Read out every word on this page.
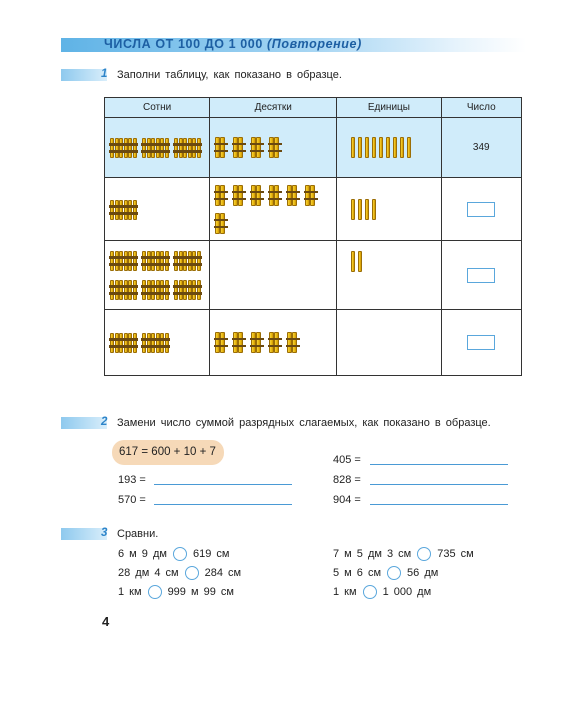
ЧИСЛА ОТ 100 ДО 1 000 (Повторение)
1 Заполни таблицу, как показано в образце.
Сотни	Десятки	Единицы	Число

			349

2 Замени число суммой разрядных слагаемых, как показано в образце.
617 = 600 + 10 + 7
193 =
570 =
405 =
828 =
904 =
3 Сравни.
6 м 9 дм 619 см
28 дм 4 см 284 см
1 км 999 м 99 см
7 м 5 дм 3 см 735 см
5 м 6 см 56 дм
1 км 1 000 дм
4
